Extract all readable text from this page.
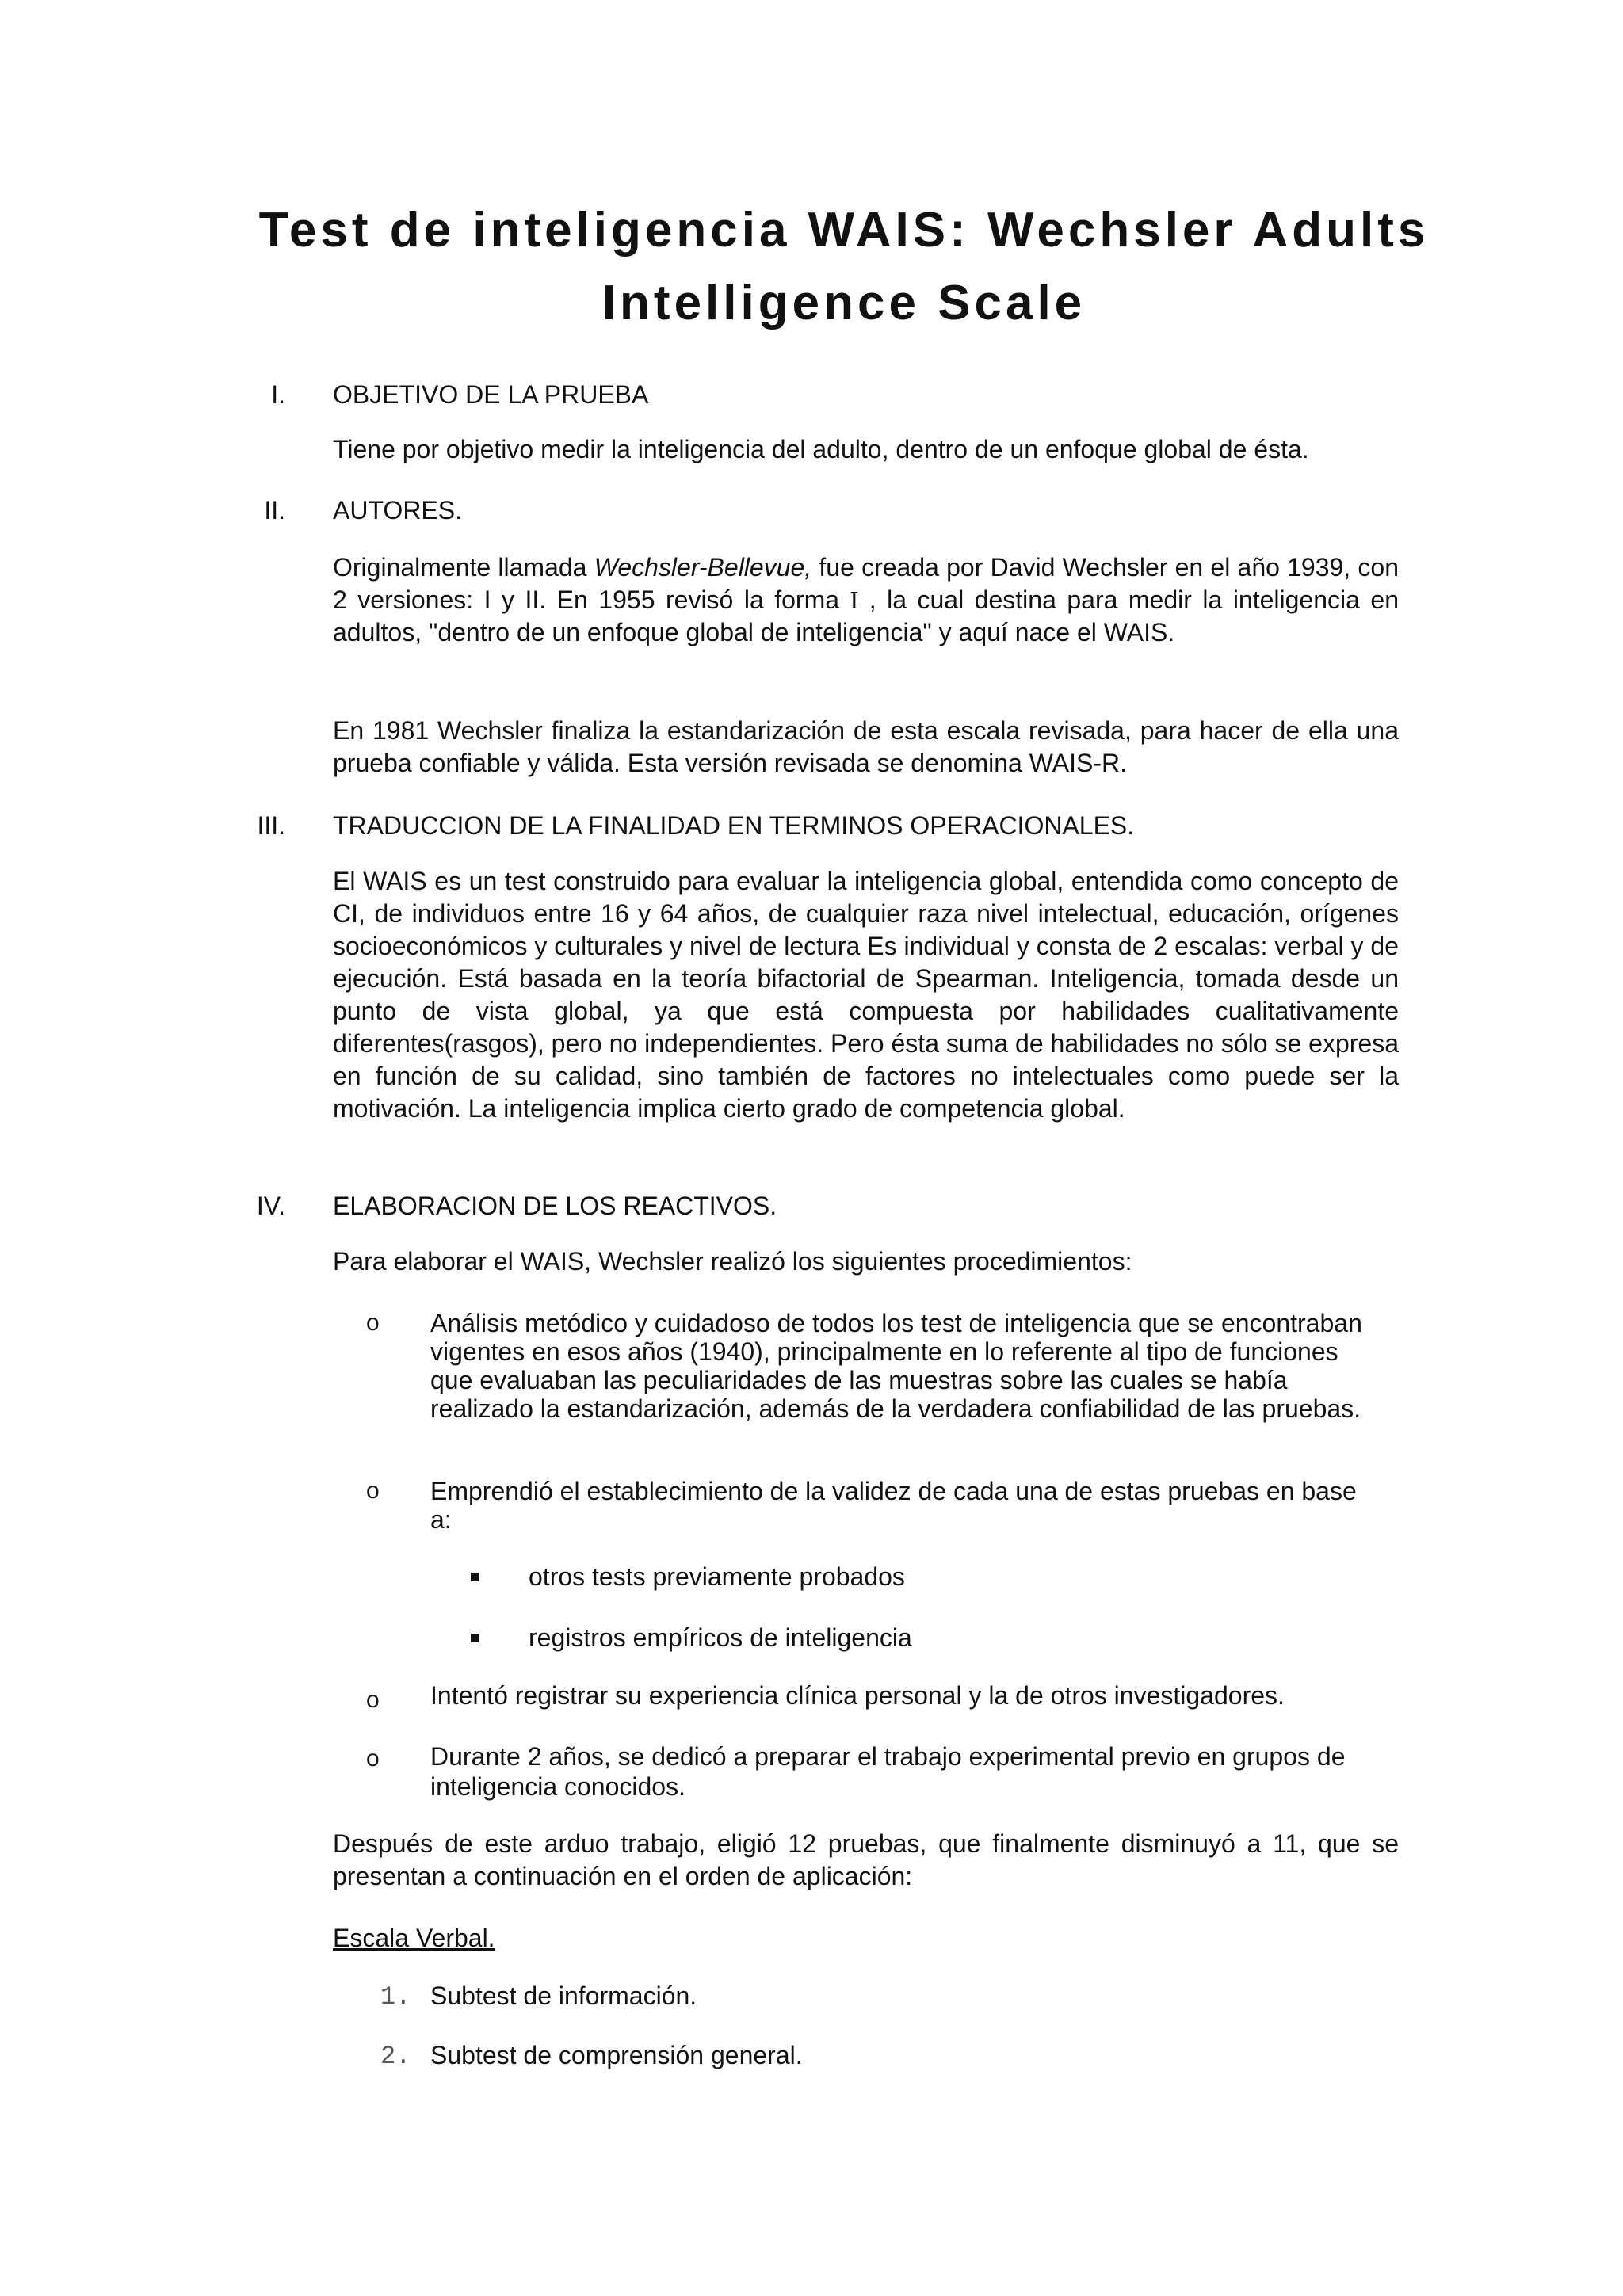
Test de inteligencia WAIS: Wechsler Adults Intelligence Scale
I. OBJETIVO DE LA PRUEBA
Tiene por objetivo medir la inteligencia del adulto, dentro de un enfoque global de ésta.
II. AUTORES.
Originalmente llamada Wechsler-Bellevue, fue creada por David Wechsler en el año 1939, con 2 versiones: I y II. En 1955 revisó la forma I , la cual destina para medir la inteligencia en adultos, "dentro de un enfoque global de inteligencia" y aquí nace el WAIS.
En 1981 Wechsler finaliza la estandarización de esta escala revisada, para hacer de ella una prueba confiable y válida. Esta versión revisada se denomina WAIS-R.
III. TRADUCCION DE LA FINALIDAD EN TERMINOS OPERACIONALES.
El WAIS es un test construido para evaluar la inteligencia global, entendida como concepto de CI, de individuos entre 16 y 64 años, de cualquier raza nivel intelectual, educación, orígenes socioeconómicos y culturales y nivel de lectura Es individual y consta de 2 escalas: verbal y de ejecución. Está basada en la teoría bifactorial de Spearman. Inteligencia, tomada desde un punto de vista global, ya que está compuesta por habilidades cualitativamente diferentes(rasgos), pero no independientes. Pero ésta suma de habilidades no sólo se expresa en función de su calidad, sino también de factores no intelectuales como puede ser la motivación. La inteligencia implica cierto grado de competencia global.
IV. ELABORACION DE LOS REACTIVOS.
Para elaborar el WAIS, Wechsler realizó los siguientes procedimientos:
o Análisis metódico y cuidadoso de todos los test de inteligencia que se encontraban vigentes en esos años (1940), principalmente en lo referente al tipo de funciones que evaluaban las peculiaridades de las muestras sobre las cuales se había realizado la estandarización, además de la verdadera confiabilidad de las pruebas.

o Emprendió el establecimiento de la validez de cada una de estas pruebas en base a:

otros tests previamente probados
registros empíricos de inteligencia
o Intentó registrar su experiencia clínica personal y la de otros investigadores.

o Durante 2 años, se dedicó a preparar el trabajo experimental previo en grupos de inteligencia conocidos.

Después de este arduo trabajo, eligió 12 pruebas, que finalmente disminuyó a 11, que se presentan a continuación en el orden de aplicación:
Escala Verbal.
1. Subtest de información.
2. Subtest de comprensión general.
